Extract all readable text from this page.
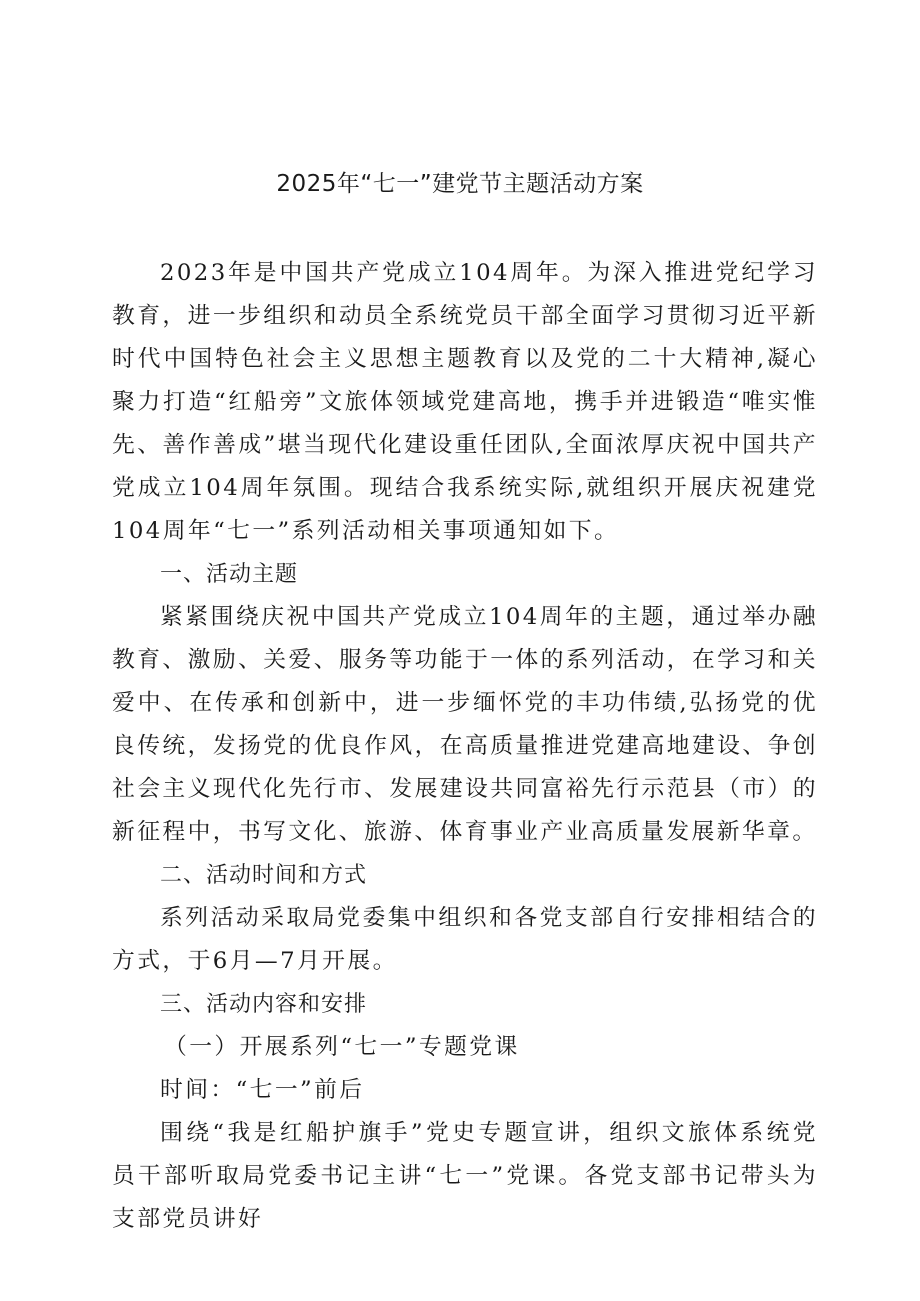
2025年“七一”建党节主题活动方案

2023年是中国共产党成立104周年。为深入推进党纪学习教育，进一步组织和动员全系统党员干部全面学习贯彻习近平新时代中国特色社会主义思想主题教育以及党的二十大精神,凝心聚力打造“红船旁”文旅体领域党建高地，携手并进锻造“唯实惟先、善作善成”堪当现代化建设重任团队,全面浓厚庆祝中国共产党成立104周年氛围。现结合我系统实际,就组织开展庆祝建党104周年“七一”系列活动相关事项通知如下。

一、活动主题

紧紧围绕庆祝中国共产党成立104周年的主题，通过举办融教育、激励、关爱、服务等功能于一体的系列活动，在学习和关爱中、在传承和创新中，进一步缅怀党的丰功伟绩,弘扬党的优良传统，发扬党的优良作风，在高质量推进党建高地建设、争创社会主义现代化先行市、发展建设共同富裕先行示范县（市）的新征程中，书写文化、旅游、体育事业产业高质量发展新华章。

二、活动时间和方式

系列活动采取局党委集中组织和各党支部自行安排相结合的方式，于6月—7月开展。

三、活动内容和安排

（一）开展系列“七一”专题党课

时间：“七一”前后

围绕“我是红船护旗手”党史专题宣讲，组织文旅体系统党员干部听取局党委书记主讲“七一”党课。各党支部书记带头为支部党员讲好
